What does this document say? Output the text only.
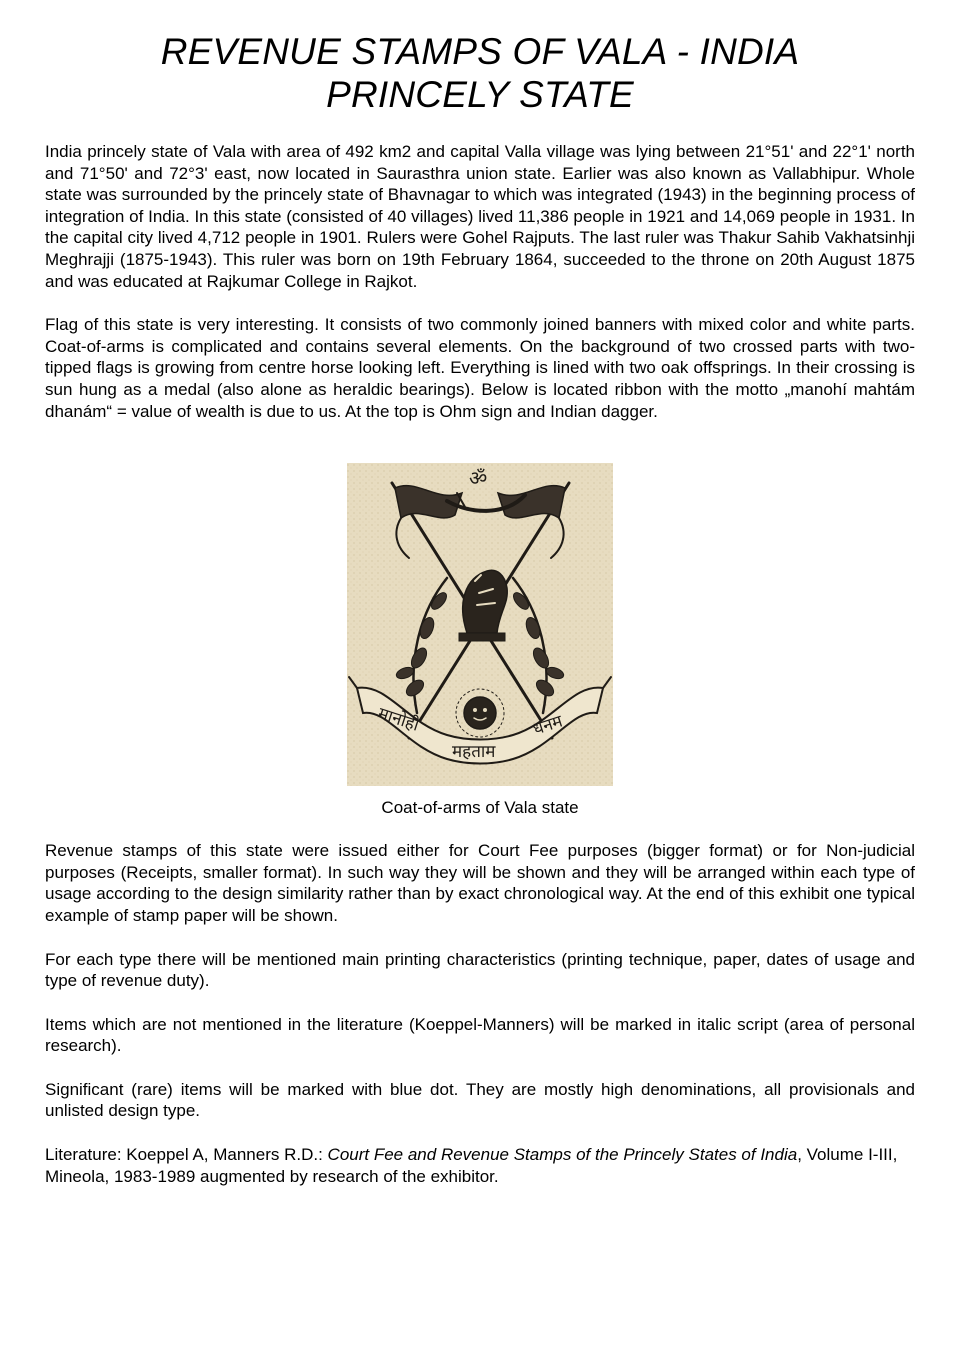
REVENUE STAMPS OF VALA - INDIA
PRINCELY STATE

India princely state of Vala with area of 492 km2 and capital Valla village was lying between 21°51' and 22°1' north and 71°50' and 72°3' east, now located in Saurasthra union state. Earlier was also known as Vallabhipur. Whole state was surrounded by the princely state of Bhavnagar to which was integrated (1943) in the beginning process of integration of India. In this state (consisted of 40 villages) lived 11,386 people in 1921 and 14,069 people in 1931. In the capital city lived 4,712 people in 1901. Rulers were Gohel Rajputs. The last ruler was Thakur Sahib Vakhatsinhji Meghrajji (1875-1943). This ruler was born on 19th February 1864, succeeded to the throne on 20th August 1875 and was educated at Rajkumar College in Rajkot.

Flag of this state is very interesting. It consists of two commonly joined banners with mixed color and white parts. Coat-of-arms is complicated and contains several elements. On the background of two crossed parts with two-tipped flags is growing from centre horse looking left. Everything is lined with two oak offsprings. In their crossing is sun hung as a medal (also alone as heraldic bearings). Below is located ribbon with the motto „manohí mahtám dhanám“ = value of wealth is due to us. At the top is Ohm sign and Indian dagger.

ॐ
मानोही
महताम
धनम
Coat-of-arms of Vala state

Revenue stamps of this state were issued either for Court Fee purposes (bigger format) or for Non-judicial purposes (Receipts, smaller format). In such way they will be shown and they will be arranged within each type of usage according to the design similarity rather than by exact chronological way. At the end of this exhibit one typical example of stamp paper will be shown.

For each type there will be mentioned main printing characteristics (printing technique, paper, dates of usage and type of revenue duty).

Items which are not mentioned in the literature (Koeppel-Manners) will be marked in italic script (area of personal research).

Significant (rare) items will be marked with blue dot. They are mostly high denominations, all provisionals and unlisted design type.

Literature: Koeppel A, Manners R.D.: Court Fee and Revenue Stamps of the Princely States of India, Volume I-III, Mineola, 1983-1989 augmented by research of the exhibitor.
